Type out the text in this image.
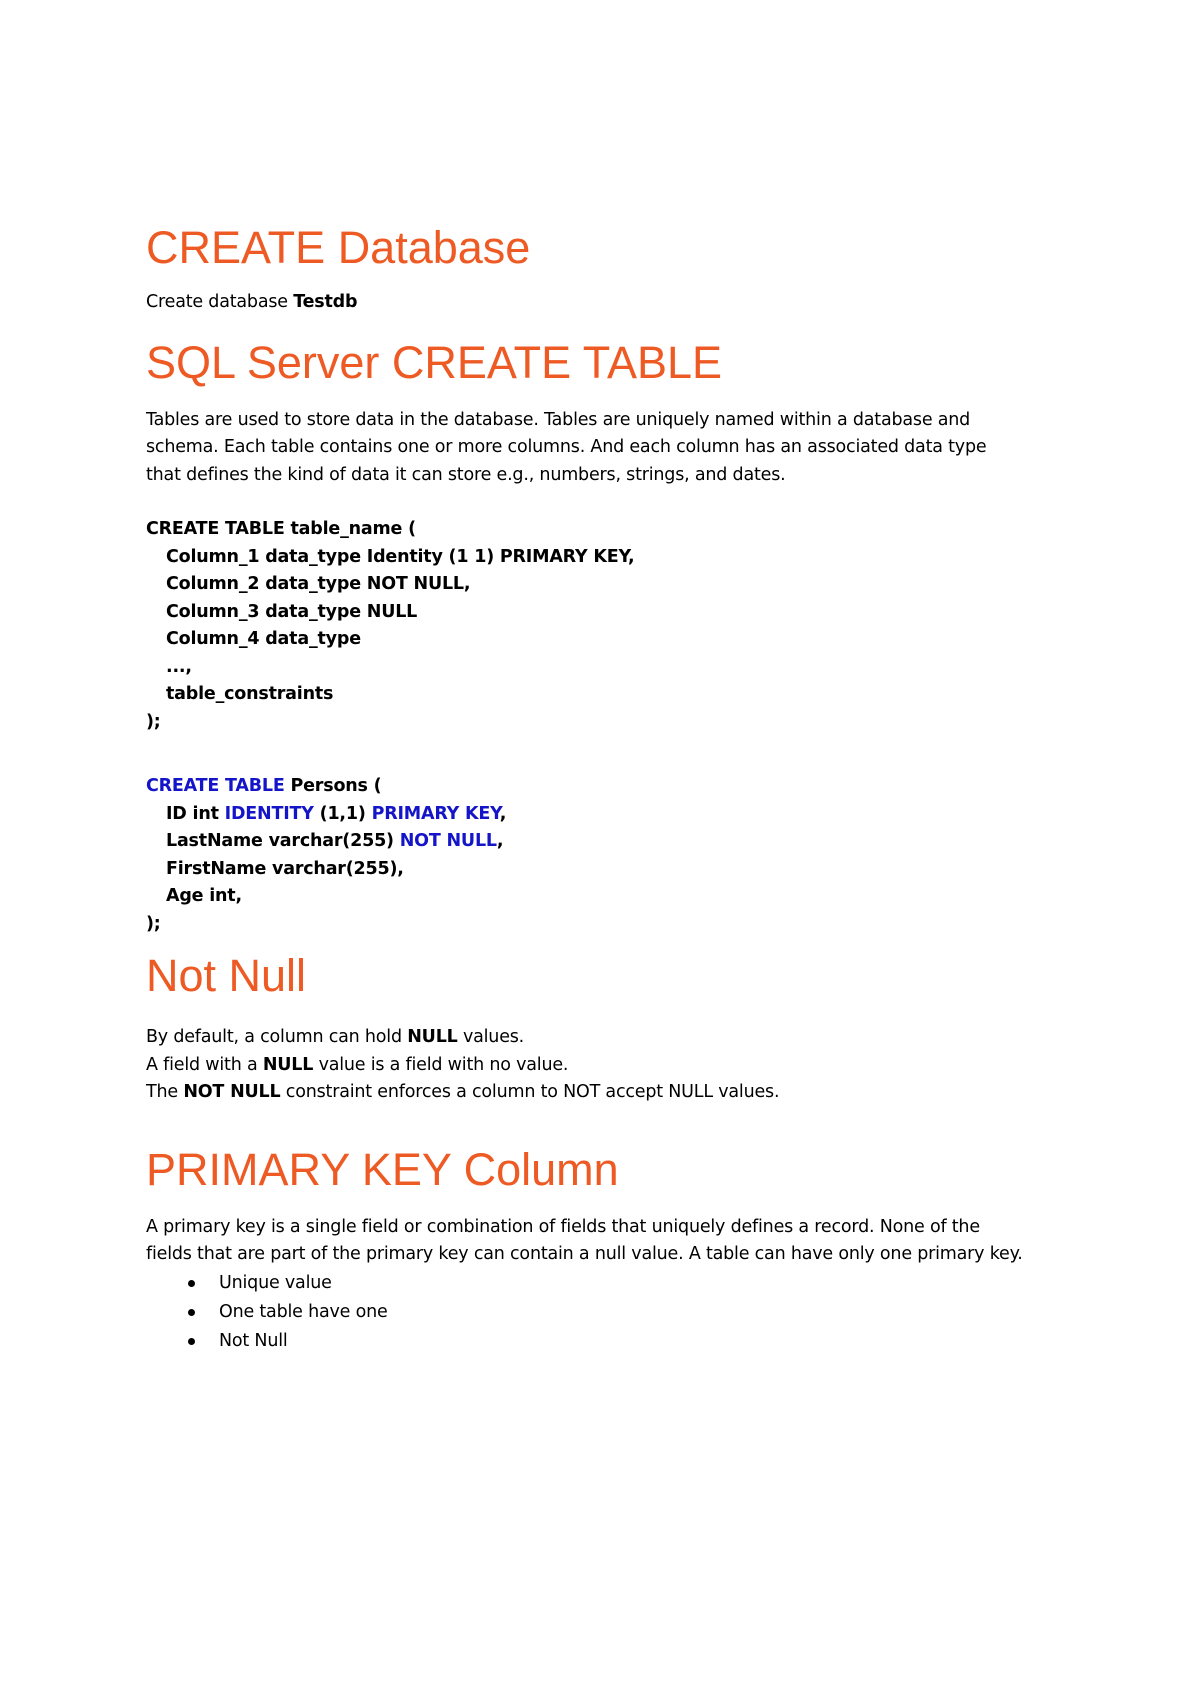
CREATE Database

Create database Testdb

SQL Server CREATE TABLE
Tables are used to store data in the database. Tables are uniquely named within a database and
schema. Each table contains one or more columns. And each column has an associated data type
that defines the kind of data it can store e.g., numbers, strings, and dates.
CREATE TABLE table_name (
Column_1 data_type Identity (1 1) PRIMARY KEY,
Column_2 data_type NOT NULL,
Column_3 data_type NULL
Column_4 data_type
...,
table_constraints
);
CREATE TABLE Persons (
ID int IDENTITY (1,1) PRIMARY KEY,
LastName varchar(255) NOT NULL,
FirstName varchar(255),
Age int,
);
Not Null
By default, a column can hold NULL values.
A field with a NULL value is a field with no value.
The NOT NULL constraint enforces a column to NOT accept NULL values.
PRIMARY KEY Column
A primary key is a single field or combination of fields that uniquely defines a record. None of the
fields that are part of the primary key can contain a null value. A table can have only one primary key.
Unique value
One table have one
Not Null
